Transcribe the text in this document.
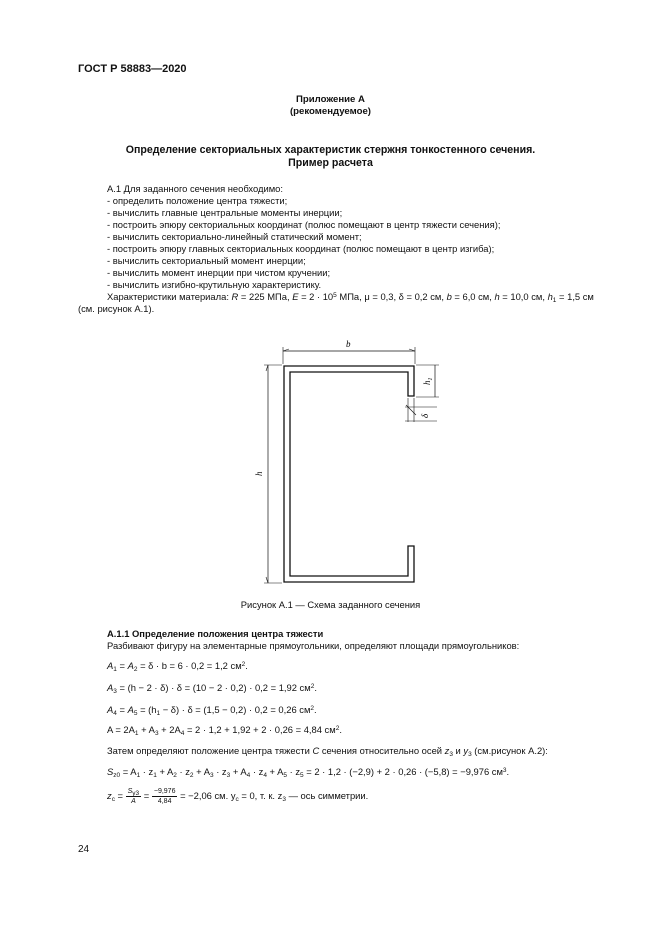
ГОСТ Р 58883—2020
Приложение А
(рекомендуемое)
Определение секториальных характеристик стержня тонкостенного сечения.
Пример расчета
А.1 Для заданного сечения необходимо:
- определить положение центра тяжести;
- вычислить главные центральные моменты инерции;
- построить эпюру секториальных координат (полюс помещают в центр тяжести сечения);
- вычислить секториально-линейный статический момент;
- построить эпюру главных секториальных координат (полюс помещают в центр изгиба);
- вычислить секториальный момент инерции;
- вычислить момент инерции при чистом кручении;
- вычислить изгибно-крутильную характеристику.
Характеристики материала: R = 225 МПа, $E = 2 \cdot 10^5$ МПа, μ = 0,3, δ = 0,2 см, b = 6,0 см, h = 10,0 см, $h_1 = 1,5$ см
(см. рисунок А.1).
b
h
$h_1$
δ
Рисунок А.1 — Схема заданного сечения
А.1.1 Определение положения центра тяжести
Разбивают фигуру на элементарные прямоугольники, определяют площади прямоугольников:
$A_1 = A_2 = \delta \cdot b = 6 \cdot 0,2 = 1,2$ $см^2$.
$A_3 = (h - 2 \cdot \delta) \cdot \delta = (10 - 2 \cdot 0,2) \cdot 0,2 = 1,92$ $см^2$.
$A_4 = A_5 = (h_1 - \delta) \cdot \delta = (1,5 - 0,2) \cdot 0,2 = 0,26$ $см^2$.
$A = 2A_1 + A_3 + 2A_4 = 2 \cdot 1,2 + 1,92 + 2 \cdot 0,26 = 4,84$ $см^2$.
Затем определяют положение центра тяжести C сечения относительно осей $z_3$ и $y_3$ (см.рисунок А.2):
$S_{z0} = A_1 \cdot z_1 + A_2 \cdot z_2 + A_3 \cdot z_3 + A_4 \cdot z_4 + A_5 \cdot z_5 = 2 \cdot 1,2 \cdot (-2,9) + 2 \cdot 0,26 \cdot (-5,8) = -9,976$ $см^3$.
$z_c = \frac{S_{y3}}{A} = \frac{-9,976}{4,84} = -2,06$ см. $y_c = 0$, т. к. $z_3$ — ось симметрии.
24
